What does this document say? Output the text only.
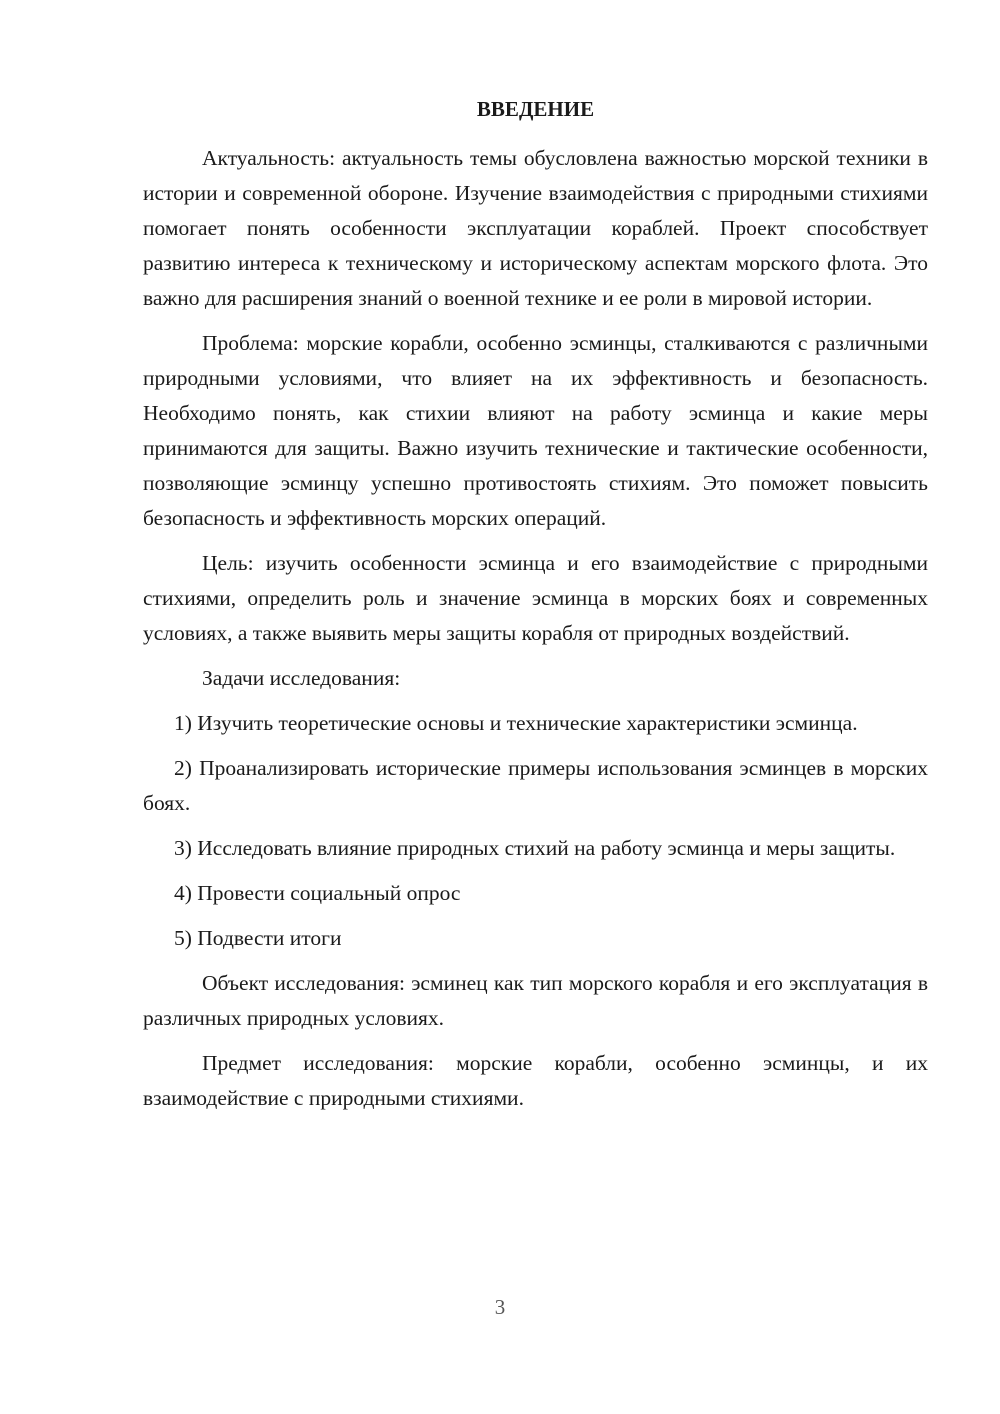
ВВЕДЕНИЕ

Актуальность: актуальность темы обусловлена важностью морской техники в истории и современной обороне. Изучение взаимодействия с природными стихиями помогает понять особенности эксплуатации кораблей. Проект способствует развитию интереса к техническому и историческому аспектам морского флота. Это важно для расширения знаний о военной технике и ее роли в мировой истории.

Проблема: морские корабли, особенно эсминцы, сталкиваются с различными природными условиями, что влияет на их эффективность и безопасность. Необходимо понять, как стихии влияют на работу эсминца и какие меры принимаются для защиты. Важно изучить технические и тактические особенности, позволяющие эсминцу успешно противостоять стихиям. Это поможет повысить безопасность и эффективность морских операций.

Цель: изучить особенности эсминца и его взаимодействие с природными стихиями, определить роль и значение эсминца в морских боях и современных условиях, а также выявить меры защиты корабля от природных воздействий.

Задачи исследования:

1) Изучить теоретические основы и технические характеристики эсминца.

2) Проанализировать исторические примеры использования эсминцев в морских боях.

3) Исследовать влияние природных стихий на работу эсминца и меры защиты.

4) Провести социальный опрос

5) Подвести итоги

Объект исследования: эсминец как тип морского корабля и его эксплуатация в различных природных условиях.

Предмет исследования: морские корабли, особенно эсминцы, и их взаимодействие с природными стихиями.

3
